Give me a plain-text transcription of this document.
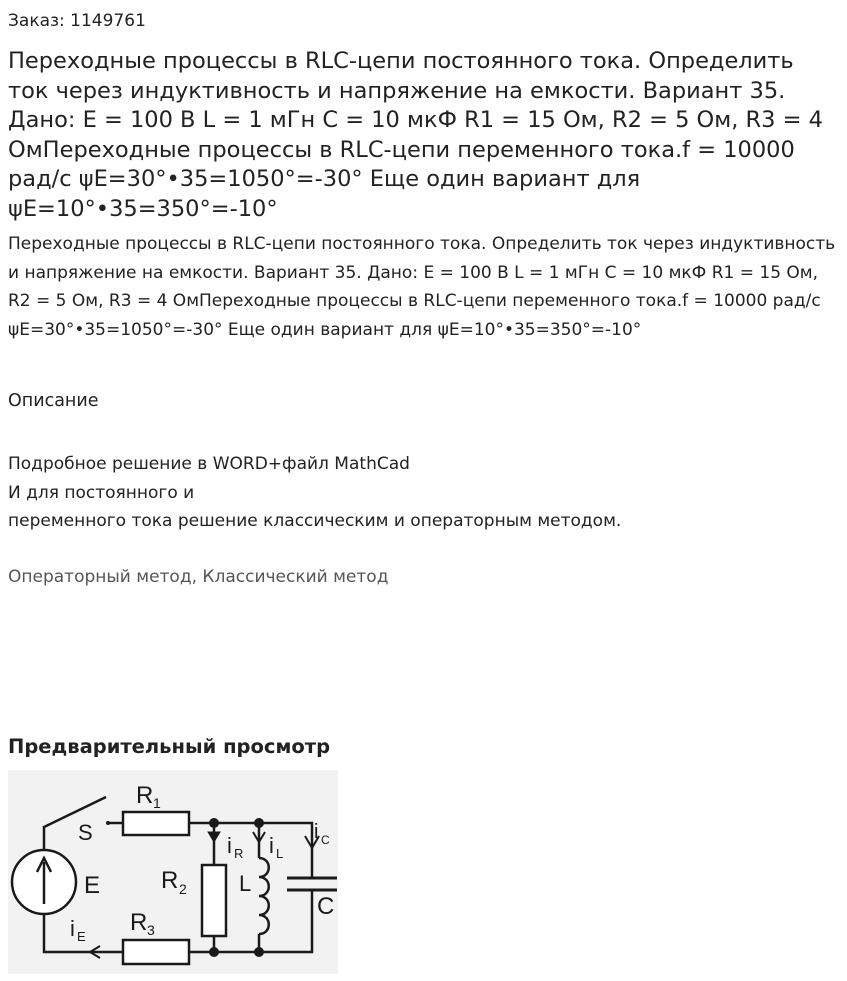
Заказ: 1149761
Переходные процессы в RLC-цепи постоянного тока. Определить ток через индуктивность и напряжение на емкости. Вариант 35. Дано: E = 100 В L = 1 мГн C = 10 мкФ R1 = 15 Ом, R2 = 5 Ом, R3 = 4 ОмПереходные процессы в RLC-цепи переменного тока.f = 10000 рад/с ψE=30°•35=1050°=-30° Еще один вариант для ψE=10°•35=350°=-10°

Переходные процессы в RLC-цепи постоянного тока. Определить ток через индуктивность и напряжение на емкости. Вариант 35. Дано: E = 100 В L = 1 мГн C = 10 мкФ R1 = 15 Ом, R2 = 5 Ом, R3 = 4 ОмПереходные процессы в RLC-цепи переменного тока.f = 10000 рад/с ψE=30°•35=1050°=-30° Еще один вариант для ψE=10°•35=350°=-10°

Описание
Подробное решение в WORD+файл MathCad
И для постоянного и
переменного тока решение классическим и операторным методом.
Операторный метод, Классический метод
Предварительный просмотр
R 1
S
E	R 2 L
C
R 3
i R i L
i C
i E
